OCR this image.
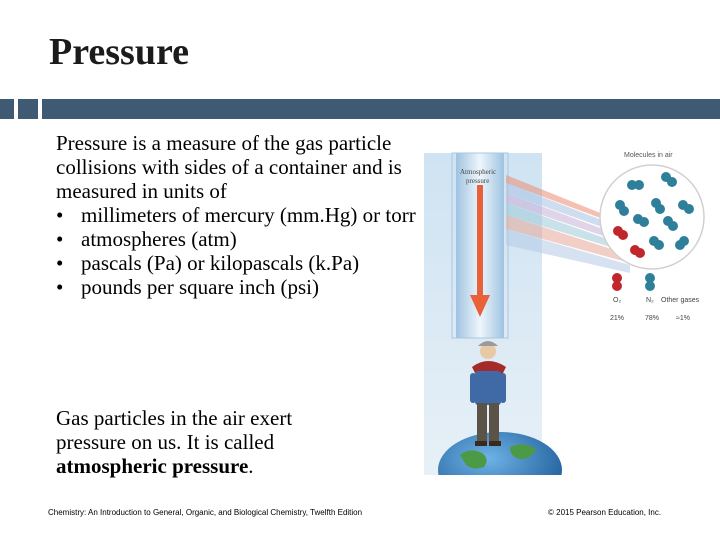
Pressure

Pressure is a measure of the gas particle collisions with sides of a container and is measured in units of

• millimeters of mercury (mm.Hg) or torr
• atmospheres (atm)
• pascals (Pa) or kilopascals (k.Pa)
• pounds per square inch (psi)

Gas particles in the air exert pressure on us. It is called atmospheric pressure.

Atmospheric pressure
Molecules in air
O₂	N₂ Other gases
21%	78% ≈1%
Chemistry: An Introduction to General, Organic, and Biological Chemistry, Twelfth Edition	© 2015 Pearson Education, Inc.
